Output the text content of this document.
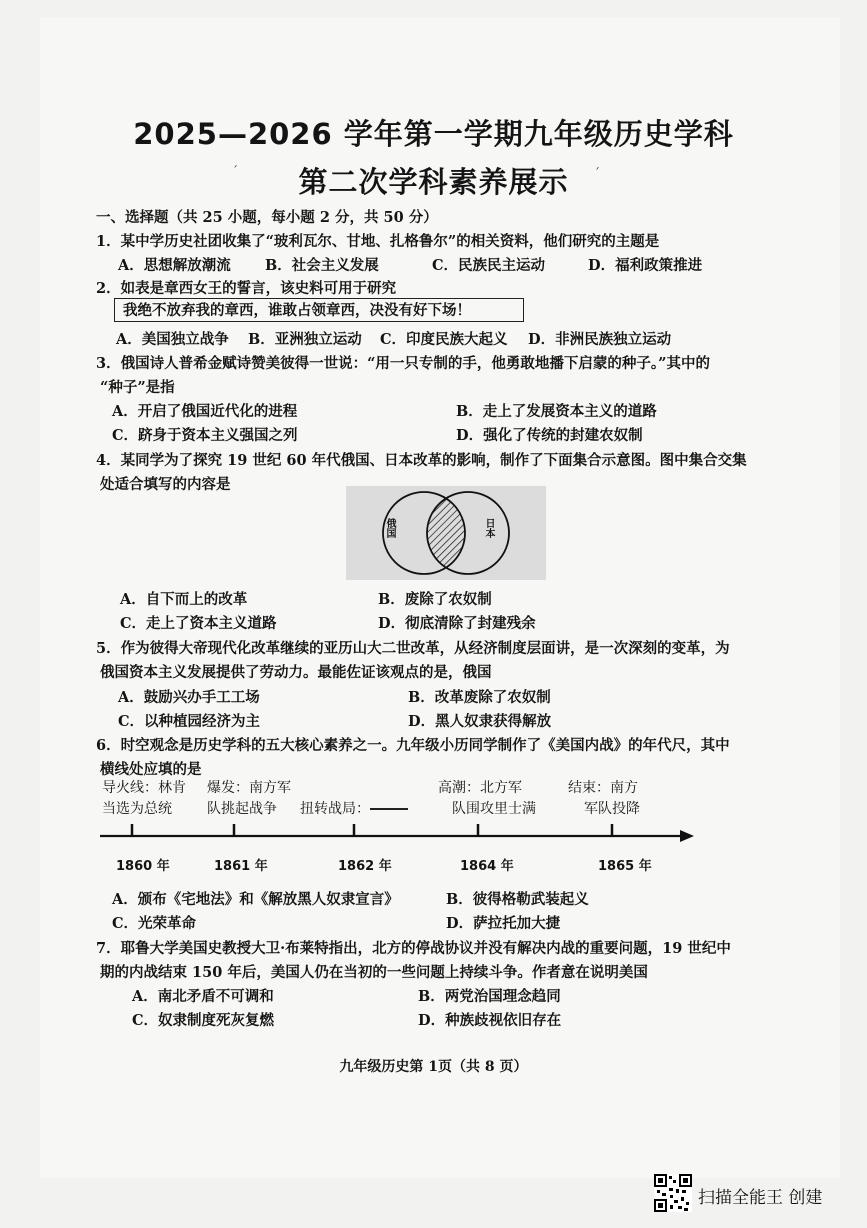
2025—2026 学年第一学期九年级历史学科
第二次学科素养展示
一、选择题（共 25 小题，每小题 2 分，共 50 分）
1．某中学历史社团收集了“玻利瓦尔、甘地、扎格鲁尔”的相关资料，他们研究的主题是
A．思想解放潮流 B．社会主义发展	C．民族民主运动	D．福利政策推进
2．如表是章西女王的誓言，该史料可用于研究
我绝不放弃我的章西，谁敢占领章西，决没有好下场！
A．美国独立战争 B．亚洲独立运动 C．印度民族大起义 D．非洲民族独立运动
3．俄国诗人普希金赋诗赞美彼得一世说：“用一只专制的手，他勇敢地播下启蒙的种子。”其中的
“种子”是指
A．开启了俄国近代化的进程	B．走上了发展资本主义的道路
C．跻身于资本主义强国之列	D．强化了传统的封建农奴制
4．某同学为了探究 19 世纪 60 年代俄国、日本改革的影响，制作了下面集合示意图。图中集合交集
处适合填写的内容是
俄国	日本
A．自下而上的改革	B．废除了农奴制
C．走上了资本主义道路	D．彻底清除了封建残余
5．作为彼得大帝现代化改革继续的亚历山大二世改革，从经济制度层面讲，是一次深刻的变革，为
俄国资本主义发展提供了劳动力。最能佐证该观点的是，俄国
A．鼓励兴办手工工场	B．改革废除了农奴制
C．以种植园经济为主	D．黑人奴隶获得解放
6．时空观念是历史学科的五大核心素养之一。九年级小历同学制作了《美国内战》的年代尺，其中
横线处应填的是
导火线：林肯
当选为总统
爆发：南方军
队挑起战争 扭转战局：
高潮：北方军
队围攻里士满
结束：南方
军队投降
1860 年	1861 年	1862 年	1864 年	1865 年
A．颁布《宅地法》和《解放黑人奴隶宣言》	B．彼得格勒武装起义
C．光荣革命	D．萨拉托加大捷
7．耶鲁大学美国史教授大卫·布莱特指出，北方的停战协议并没有解决内战的重要问题，19 世纪中
期的内战结束 150 年后，美国人仍在当初的一些问题上持续斗争。作者意在说明美国
A．南北矛盾不可调和	B．两党治国理念趋同
C．奴隶制度死灰复燃	D．种族歧视依旧存在
九年级历史第 1页（共 8 页）
ˊ	ˊ
扫描全能王 创建
